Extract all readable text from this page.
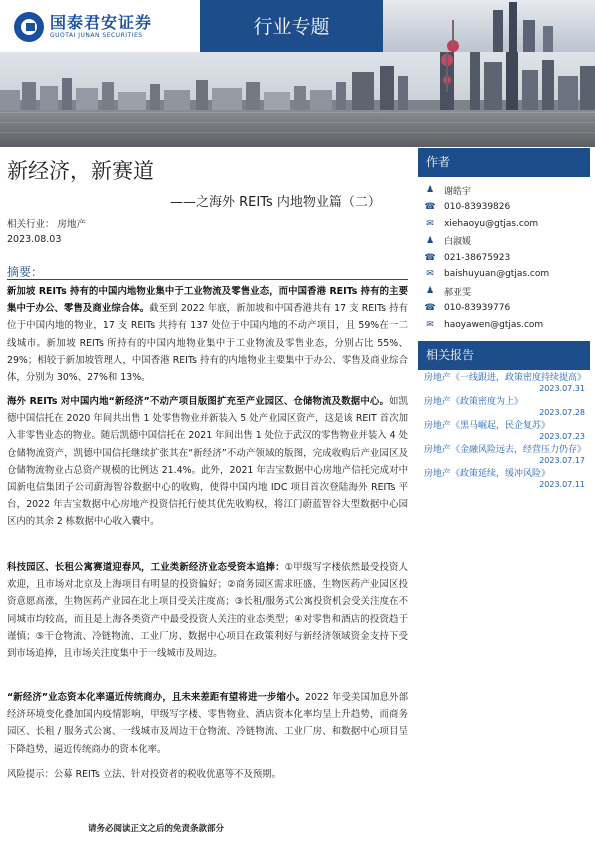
国泰君安证券
GUOTAI JUNAN SECURITIES	行业专题
新经济，新赛道
——之海外 REITs 内地物业篇（二）
相关行业： 房地产
2023.08.03
摘要：
新加坡 REITs 持有的中国内地物业集中于工业物流及零售业态，而中国香港 REITs 持有的主要集中于办公、零售及商业综合体。截至到 2022 年底，新加坡和中国香港共有 17 支 REITs 持有位于中国内地的物业，17 支 REITs 共持有 137 处位于中国内地的不动产项目，且 59%在一二线城市。新加坡 REITs 所持有的中国内地物业集中于工业物流及零售业态，分别占比 55%、29%；相较于新加坡管理人，中国香港 REITs 持有的内地物业主要集中于办公、零售及商业综合体，分别为 30%、27%和 13%。
海外 REITs 对中国内地“新经济”不动产项目版图扩充至产业园区、仓储物流及数据中心。如凯德中国信托在 2020 年间共出售 1 处零售物业并新装入 5 处产业园区资产，这是该 REIT 首次加入非零售业态的物业。随后凯德中国信托在 2021 年间出售 1 处位于武汉的零售物业并装入 4 处仓储物流资产，凯德中国信托继续扩张其在“新经济”不动产领域的版图，完成收购后产业园区及仓储物流物业占总资产规模的比例达 21.4%。此外，2021 年吉宝数据中心房地产信托完成对中国新电信集团子公司蔚海智谷数据中心的收购，使得中国内地 IDC 项目首次登陆海外 REITs 平台，2022 年吉宝数据中心房地产投资信托行使其优先收购权，将江门蔚蓝智谷大型数据中心园区内的其余 2 栋数据中心收入囊中。
科技园区、长租公寓赛道迎春风，工业类新经济业态受资本追捧：①甲级写字楼依然最受投资人欢迎，且市场对北京及上海项目有明显的投资偏好；②商务园区需求旺盛、生物医药产业园区投资意愿高涨，生物医药产业园在北上项目受关注度高；③长租/服务式公寓投资机会受关注度在不同城市均较高，而且是上海各类资产中最受投资人关注的业态类型；④对零售和酒店的投资趋于谨慎；⑤干仓物流、冷链物流、工业厂房、数据中心项目在政策利好与新经济领域资金支持下受到市场追捧，且市场关注度集中于一线城市及周边。
“新经济”业态资本化率逼近传统商办，且未来差距有望将进一步缩小。2022 年受美国加息外部经济环境变化叠加国内疫情影响，甲级写字楼、零售物业、酒店资本化率均呈上升趋势，而商务园区、长租 / 服务式公寓、一线城市及周边干仓物流、冷链物流、工业厂房、和数据中心项目呈下降趋势，逼近传统商办的资本化率。
风险提示：公募 REITs 立法、针对投资者的税收优惠等不及预期。
作者
♟ 谢皓宇
☎ 010-83939826
✉ xiehaoyu@gtjas.com
♟ 白淑媛
☎ 021-38675923
✉ baishuyuan@gtjas.com
♟ 郝亚雯
☎ 010-83939776
✉ haoyawen@gtjas.com
相关报告
房地产《一线跟进，政策密度持续提高》
2023.07.31
房地产《政策密度为上》
2023.07.28
房地产《黑马崛起，民企复苏》
2023.07.23
房地产《金融风险远去，经营压力仍存》
2023.07.17
房地产《政策延续，缓冲风险》
2023.07.11
请务必阅读正文之后的免责条款部分
